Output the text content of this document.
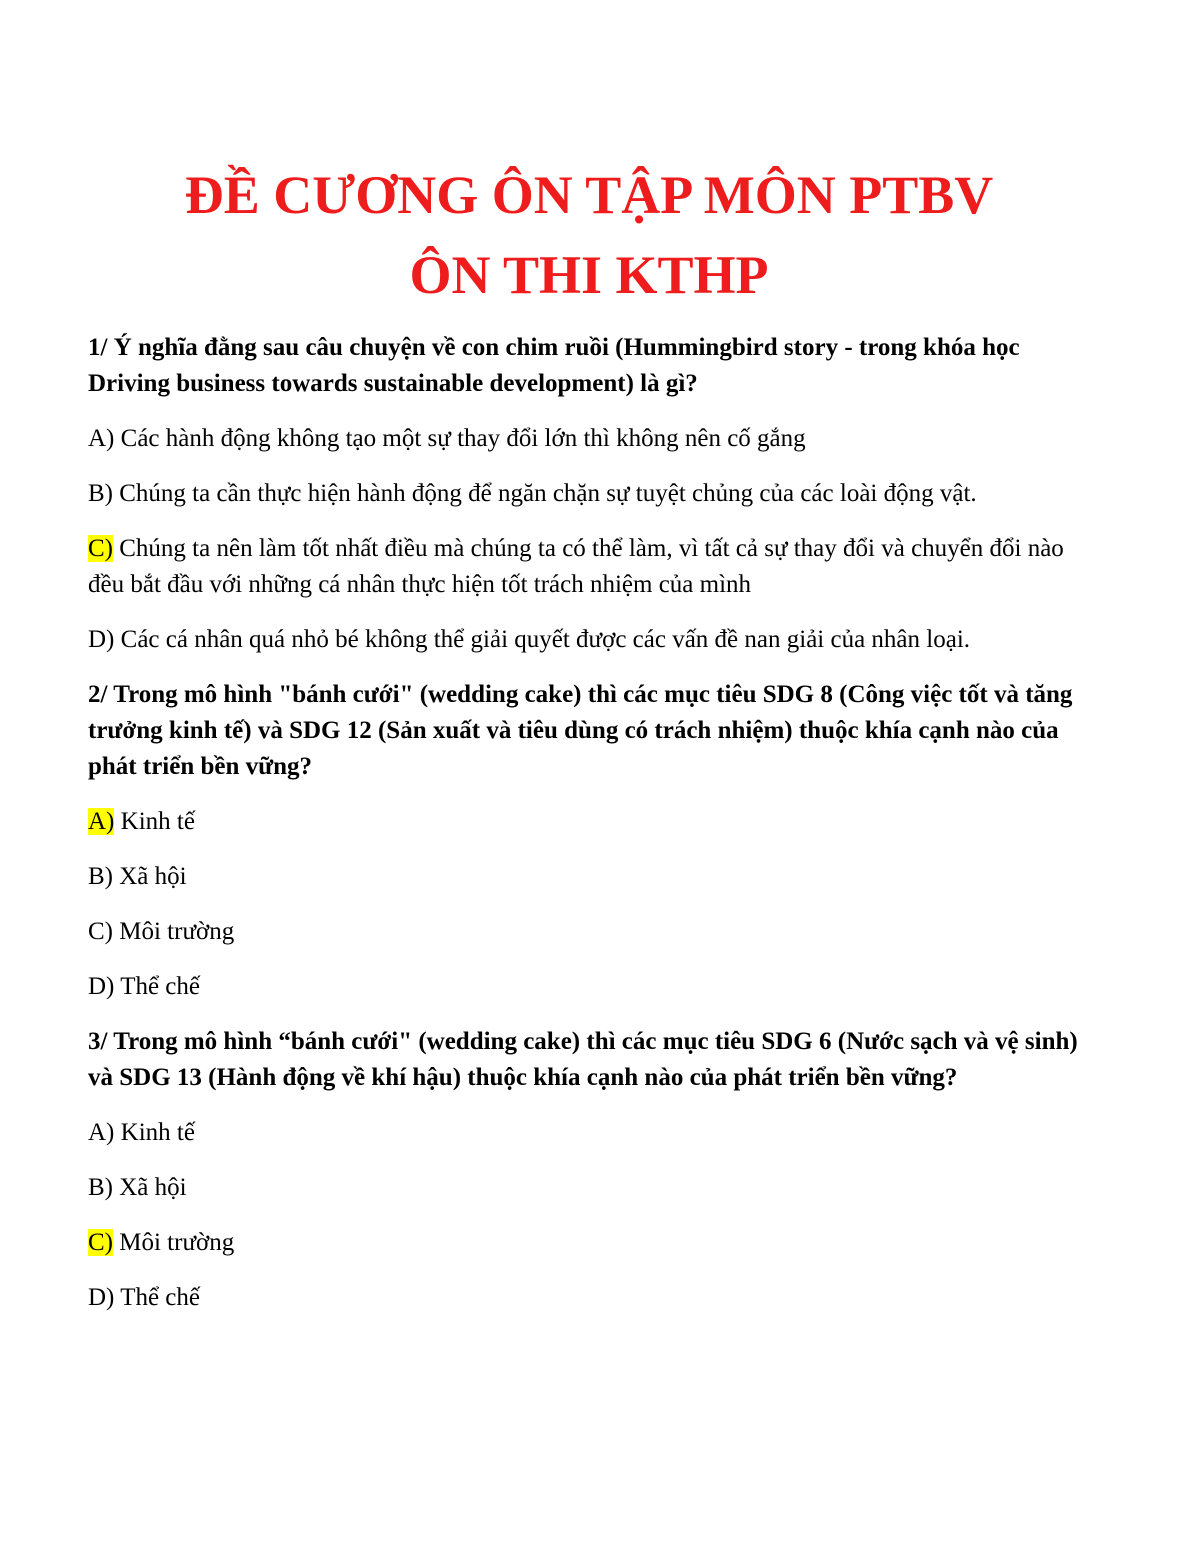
ĐỀ CƯƠNG ÔN TẬP MÔN PTBV
ÔN THI KTHP

1/ Ý nghĩa đằng sau câu chuyện về con chim ruồi (Hummingbird story - trong khóa học Driving business towards sustainable development) là gì?

A) Các hành động không tạo một sự thay đổi lớn thì không nên cố gắng

B) Chúng ta cần thực hiện hành động để ngăn chặn sự tuyệt chủng của các loài động vật.

C) Chúng ta nên làm tốt nhất điều mà chúng ta có thể làm, vì tất cả sự thay đổi và chuyển đổi nào đều bắt đầu với những cá nhân thực hiện tốt trách nhiệm của mình

D) Các cá nhân quá nhỏ bé không thể giải quyết được các vấn đề nan giải của nhân loại.

2/ Trong mô hình "bánh cưới" (wedding cake) thì các mục tiêu SDG 8 (Công việc tốt và tăng trưởng kinh tế) và SDG 12 (Sản xuất và tiêu dùng có trách nhiệm) thuộc khía cạnh nào của phát triển bền vững?

A) Kinh tế

B) Xã hội

C) Môi trường

D) Thể chế

3/ Trong mô hình “bánh cưới" (wedding cake) thì các mục tiêu SDG 6 (Nước sạch và vệ sinh) và SDG 13 (Hành động về khí hậu) thuộc khía cạnh nào của phát triển bền vững?

A) Kinh tế

B) Xã hội

C) Môi trường

D) Thể chế
